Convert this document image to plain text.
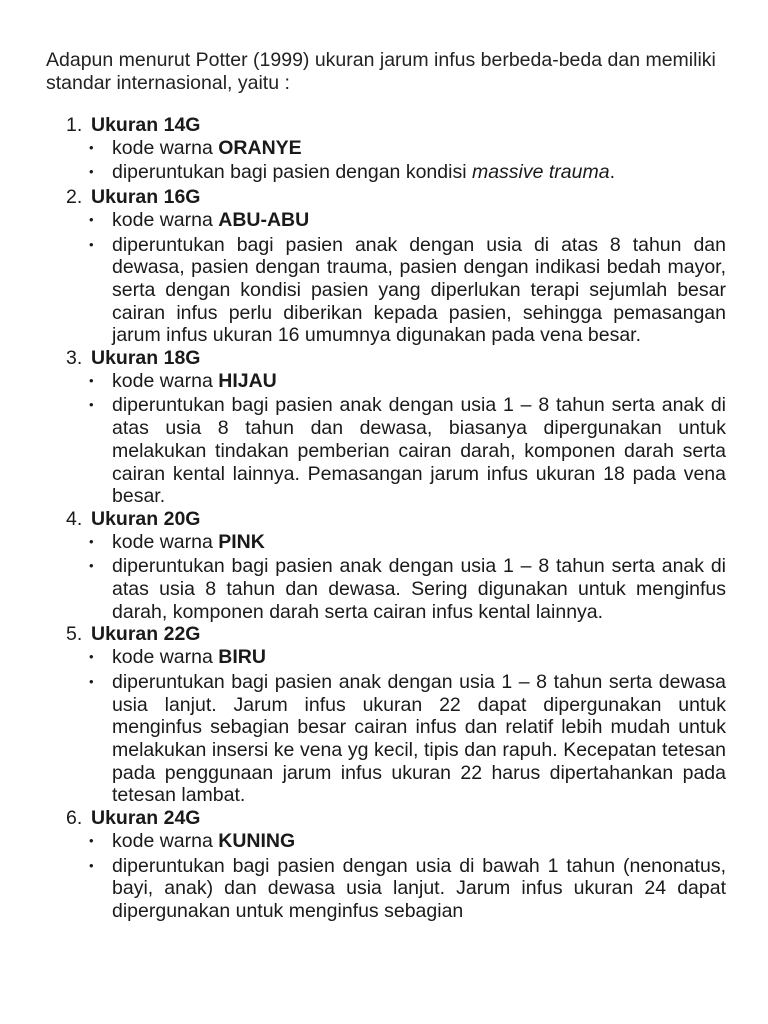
Adapun menurut Potter (1999) ukuran jarum infus berbeda-beda dan memiliki standar internasional, yaitu :

1. Ukuran 14G
• kode warna ORANYE
• diperuntukan bagi pasien dengan kondisi massive trauma.
2. Ukuran 16G
• kode warna ABU-ABU
• diperuntukan bagi pasien anak dengan usia di atas 8 tahun dan dewasa, pasien dengan trauma, pasien dengan indikasi bedah mayor, serta dengan kondisi pasien yang diperlukan terapi sejumlah besar cairan infus perlu diberikan kepada pasien, sehingga pemasangan jarum infus ukuran 16 umumnya digunakan pada vena besar.
3. Ukuran 18G
• kode warna HIJAU
• diperuntukan bagi pasien anak dengan usia 1 – 8 tahun serta anak di atas usia 8 tahun dan dewasa, biasanya dipergunakan untuk melakukan tindakan pemberian cairan darah, komponen darah serta cairan kental lainnya. Pemasangan jarum infus ukuran 18 pada vena besar.
4. Ukuran 20G
• kode warna PINK
• diperuntukan bagi pasien anak dengan usia 1 – 8 tahun serta anak di atas usia 8 tahun dan dewasa. Sering digunakan untuk menginfus darah, komponen darah serta cairan infus kental lainnya.
5. Ukuran 22G
• kode warna BIRU
• diperuntukan bagi pasien anak dengan usia 1 – 8 tahun serta dewasa usia lanjut. Jarum infus ukuran 22 dapat dipergunakan untuk menginfus sebagian besar cairan infus dan relatif lebih mudah untuk melakukan insersi ke vena yg kecil, tipis dan rapuh. Kecepatan tetesan pada penggunaan jarum infus ukuran 22 harus dipertahankan pada tetesan lambat.
6. Ukuran 24G
• kode warna KUNING
• diperuntukan bagi pasien dengan usia di bawah 1 tahun (nenonatus, bayi, anak) dan dewasa usia lanjut. Jarum infus ukuran 24 dapat dipergunakan untuk menginfus sebagian
